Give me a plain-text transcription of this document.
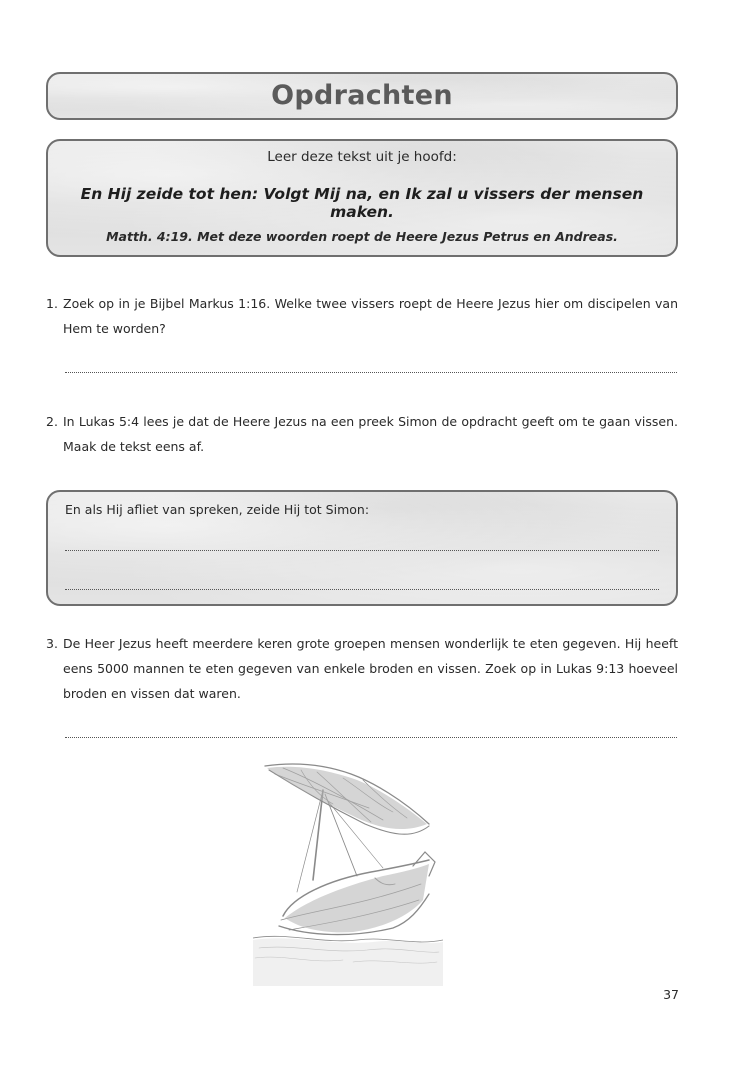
Opdrachten
Leer deze tekst uit je hoofd:
En Hij zeide tot hen: Volgt Mij na, en Ik zal u vissers der mensen maken.
Matth. 4:19. Met deze woorden roept de Heere Jezus Petrus en Andreas.
1. Zoek op in je Bijbel Markus 1:16. Welke twee vissers roept de Heere Jezus hier om discipelen van Hem te worden?
2. In Lukas 5:4 lees je dat de Heere Jezus na een preek Simon de opdracht geeft om te gaan vissen. Maak de tekst eens af.
En als Hij afliet van spreken, zeide Hij tot Simon:
3. De Heer Jezus heeft meerdere keren grote groepen mensen wonderlijk te eten gegeven. Hij heeft eens 5000 mannen te eten gegeven van enkele broden en vissen. Zoek op in Lukas 9:13 hoeveel broden en vissen dat waren.
37
